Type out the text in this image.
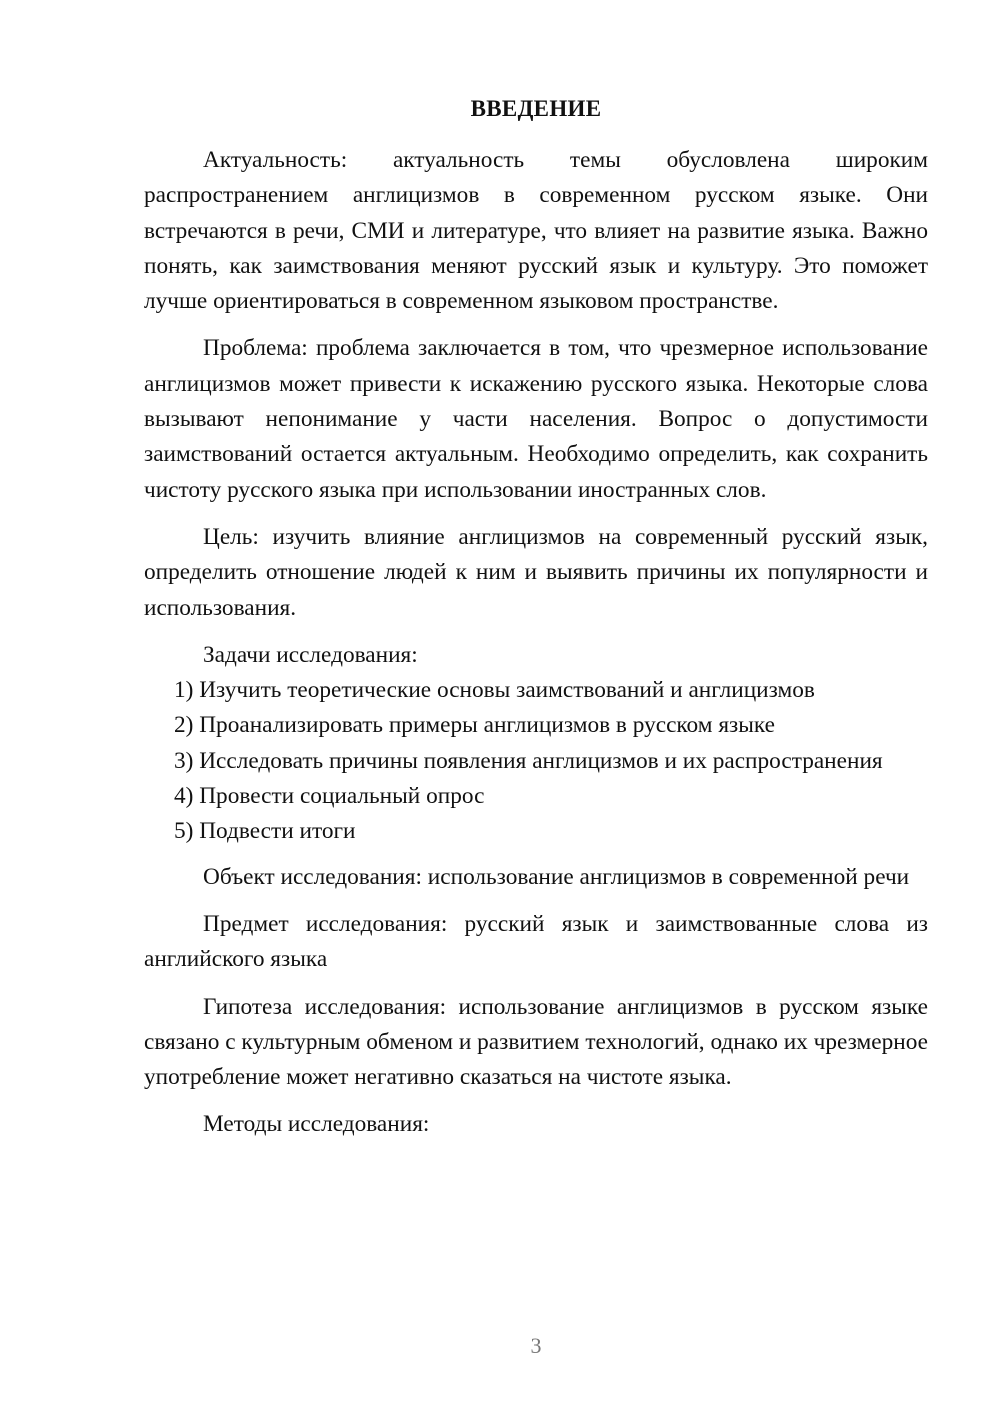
ВВЕДЕНИЕ

Актуальность: актуальность темы обусловлена широким распространением англицизмов в современном русском языке. Они встречаются в речи, СМИ и литературе, что влияет на развитие языка. Важно понять, как заимствования меняют русский язык и культуру. Это поможет лучше ориентироваться в современном языковом пространстве.

Проблема: проблема заключается в том, что чрезмерное использование англицизмов может привести к искажению русского языка. Некоторые слова вызывают непонимание у части населения. Вопрос о допустимости заимствований остается актуальным. Необходимо определить, как сохранить чистоту русского языка при использовании иностранных слов.

Цель: изучить влияние англицизмов на современный русский язык, определить отношение людей к ним и выявить причины их популярности и использования.

Задачи исследования:

1) Изучить теоретические основы заимствований и англицизмов

2) Проанализировать примеры англицизмов в русском языке

3) Исследовать причины появления англицизмов и их распространения

4) Провести социальный опрос

5) Подвести итоги

Объект исследования: использование англицизмов в современной речи

Предмет исследования: русский язык и заимствованные слова из английского языка

Гипотеза исследования: использование англицизмов в русском языке связано с культурным обменом и развитием технологий, однако их чрезмерное употребление может негативно сказаться на чистоте языка.

Методы исследования:

3
